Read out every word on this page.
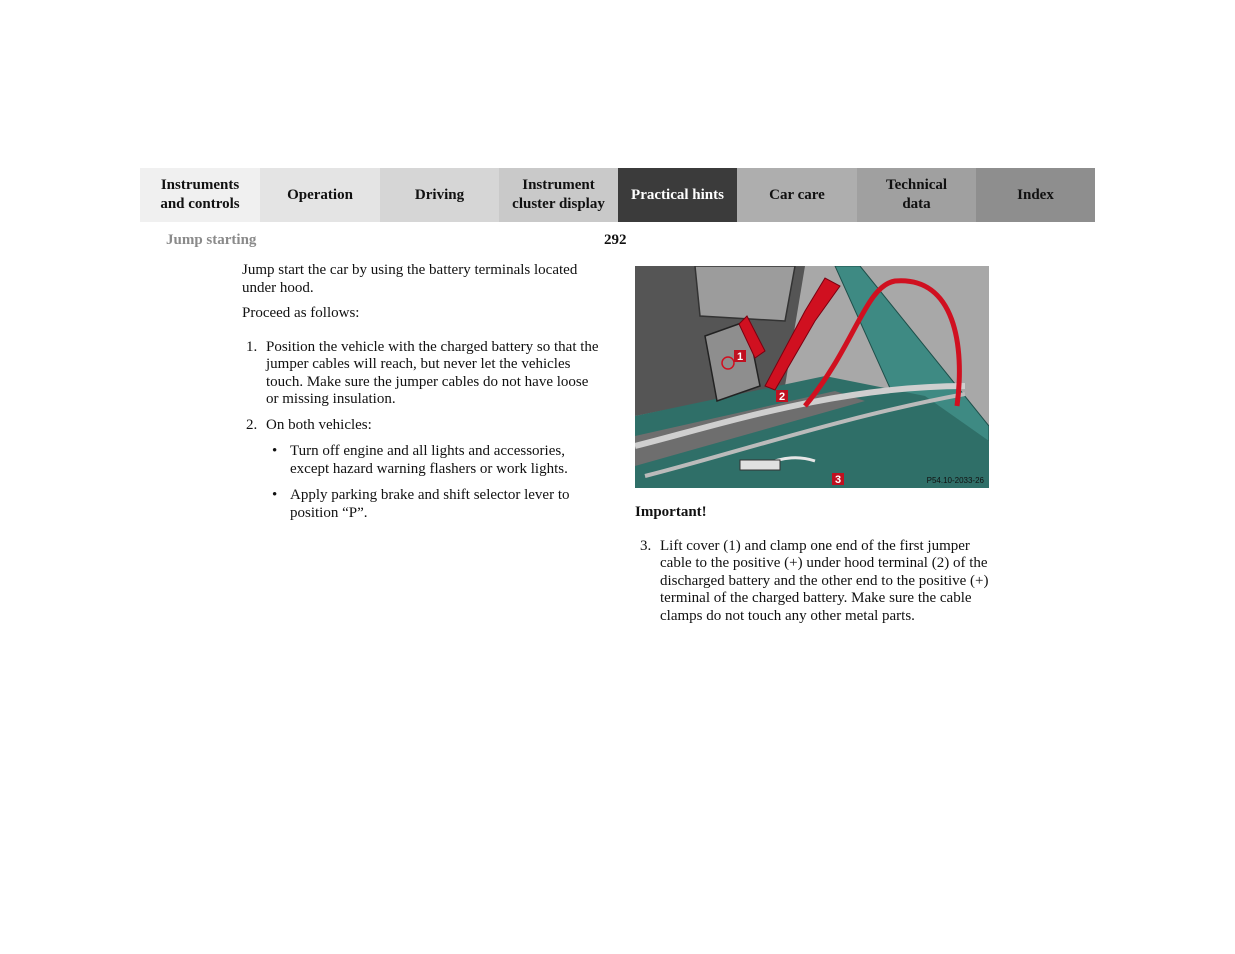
Instruments
and controls
Operation	Driving
Instrument
cluster display
Practical hints	Car care
Technical
data
Index
Jump starting	292

Jump start the car by using the battery terminals located under hood.

Proceed as follows:

1. Position the vehicle with the charged battery so that the jumper cables will reach, but never let the vehicles touch. Make sure the jumper cables do not have loose or missing insulation.
2. On both vehicles:
• Turn off engine and all lights and accessories, except hazard warning flashers or work lights.
• Apply parking brake and shift selector lever to position “P”.
1
2
3	P54.10-2033-26

Important!

3. Lift cover (1) and clamp one end of the first jumper cable to the positive (+) under hood terminal (2) of the discharged battery and the other end to the positive (+) terminal of the charged battery. Make sure the cable clamps do not touch any other metal parts.
